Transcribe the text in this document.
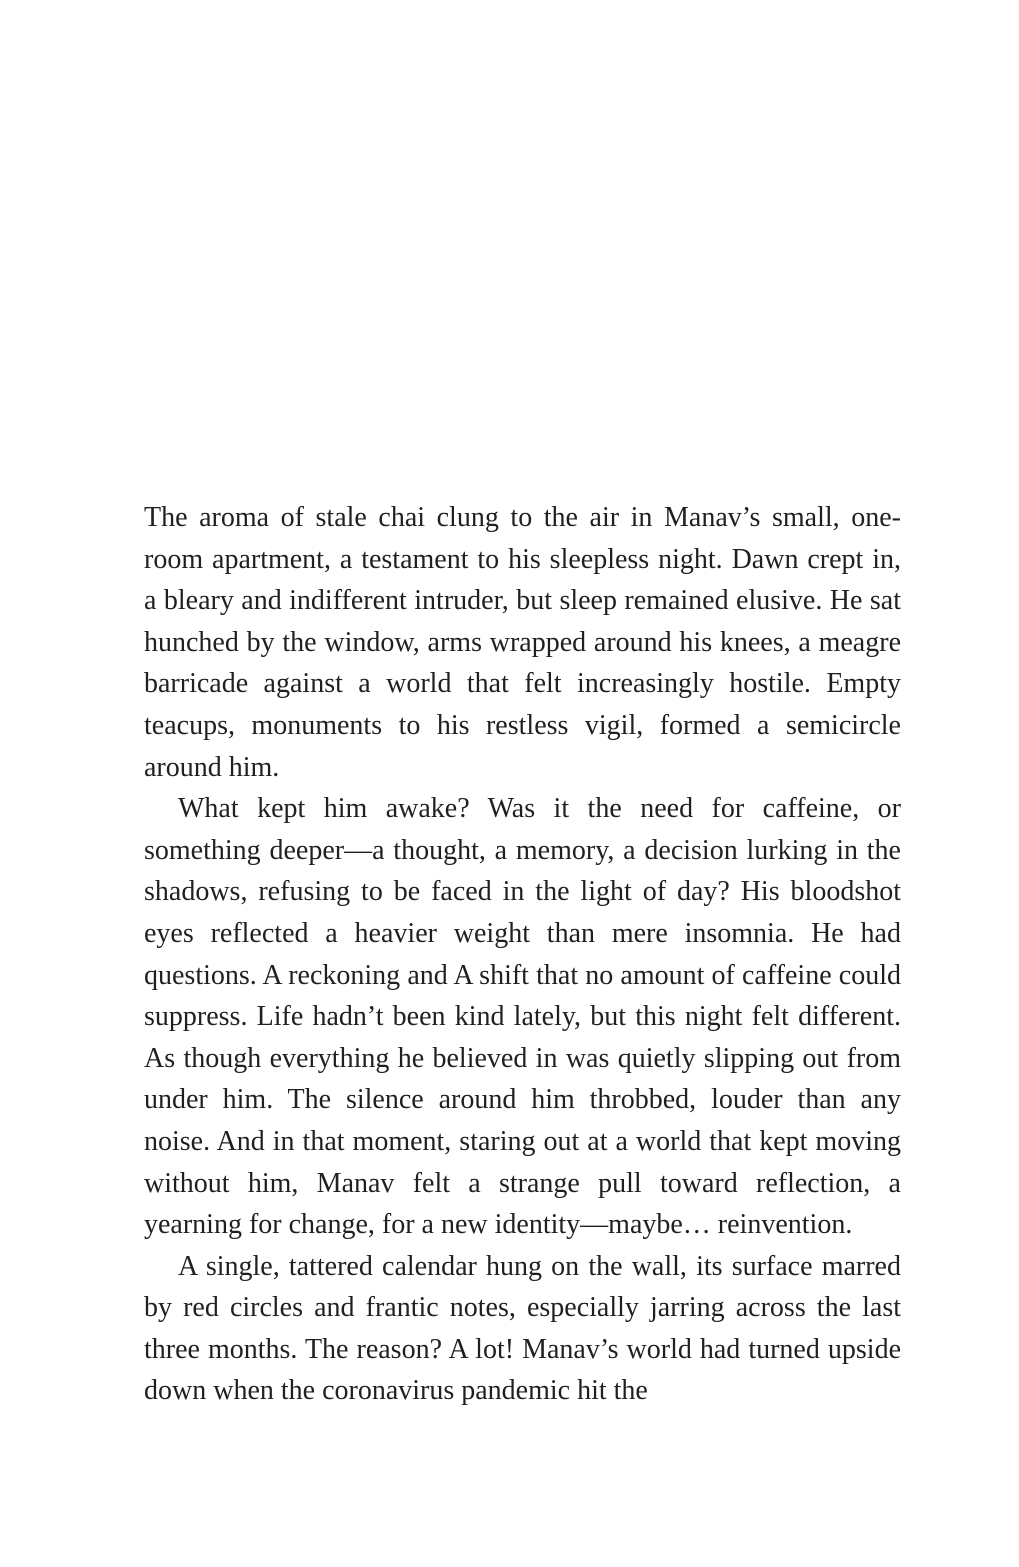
The aroma of stale chai clung to the air in Manav’s small, one-room apartment, a testament to his sleepless night. Dawn crept in, a bleary and indifferent intruder, but sleep remained elusive. He sat hunched by the window, arms wrapped around his knees, a meagre barricade against a world that felt increasingly hostile. Empty teacups, monuments to his restless vigil, formed a semicircle around him.

What kept him awake? Was it the need for caffeine, or something deeper—a thought, a memory, a decision lurking in the shadows, refusing to be faced in the light of day? His bloodshot eyes reflected a heavier weight than mere insomnia. He had questions. A reckoning and A shift that no amount of caffeine could suppress. Life hadn’t been kind lately, but this night felt different. As though everything he believed in was quietly slipping out from under him. The silence around him throbbed, louder than any noise. And in that moment, staring out at a world that kept moving without him, Manav felt a strange pull toward reflection, a yearning for change, for a new identity—maybe… reinvention.

A single, tattered calendar hung on the wall, its surface marred by red circles and frantic notes, especially jarring across the last three months. The reason? A lot! Manav’s world had turned upside down when the coronavirus pandemic hit the
